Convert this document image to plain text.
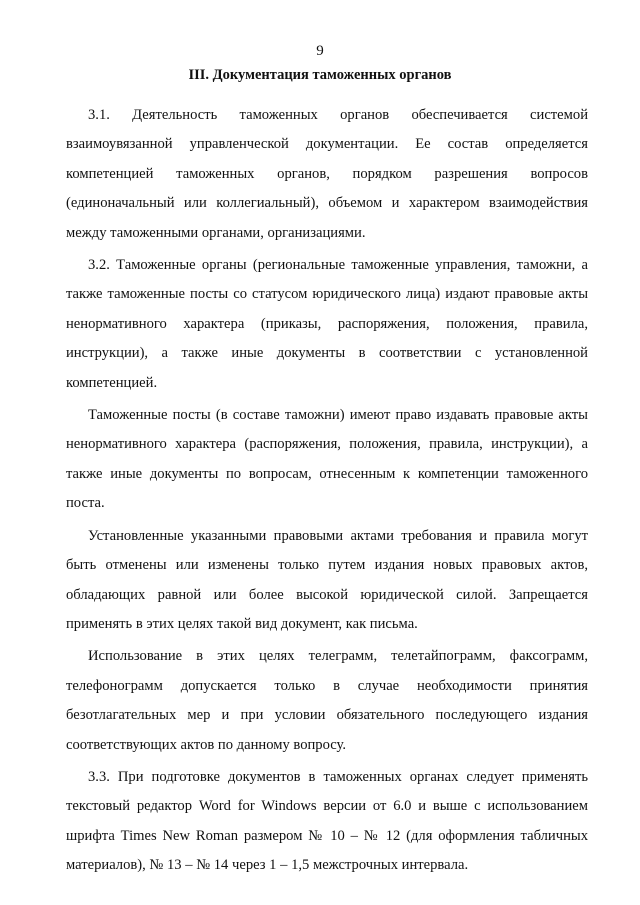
9
III. Документация таможенных органов

3.1. Деятельность таможенных органов обеспечивается системой взаимоувязанной управленческой документации. Ее состав определяется компетенцией таможенных органов, порядком разрешения вопросов (единоначальный или коллегиальный), объемом и характером взаимодействия между таможенными органами, организациями.

3.2. Таможенные органы (региональные таможенные управления, таможни, а также таможенные посты со статусом юридического лица) издают правовые акты ненормативного характера (приказы, распоряжения, положения, правила, инструкции), а также иные документы в соответствии с установленной компетенцией.

Таможенные посты (в составе таможни) имеют право издавать правовые акты ненормативного характера (распоряжения, положения, правила, инструкции), а также иные документы по вопросам, отнесенным к компетенции таможенного поста.

Установленные указанными правовыми актами требования и правила могут быть отменены или изменены только путем издания новых правовых актов, обладающих равной или более высокой юридической силой. Запрещается применять в этих целях такой вид документ, как письма.

Использование в этих целях телеграмм, телетайпограмм, факсограмм, телефонограмм допускается только в случае необходимости принятия безотлагательных мер и при условии обязательного последующего издания соответствующих актов по данному вопросу.

3.3. При подготовке документов в таможенных органах следует применять текстовый редактор Word for Windows версии от 6.0 и выше с использованием шрифта Times New Roman размером № 10 – № 12 (для оформления табличных материалов), № 13 – № 14 через 1 – 1,5 межстрочных интервала.
